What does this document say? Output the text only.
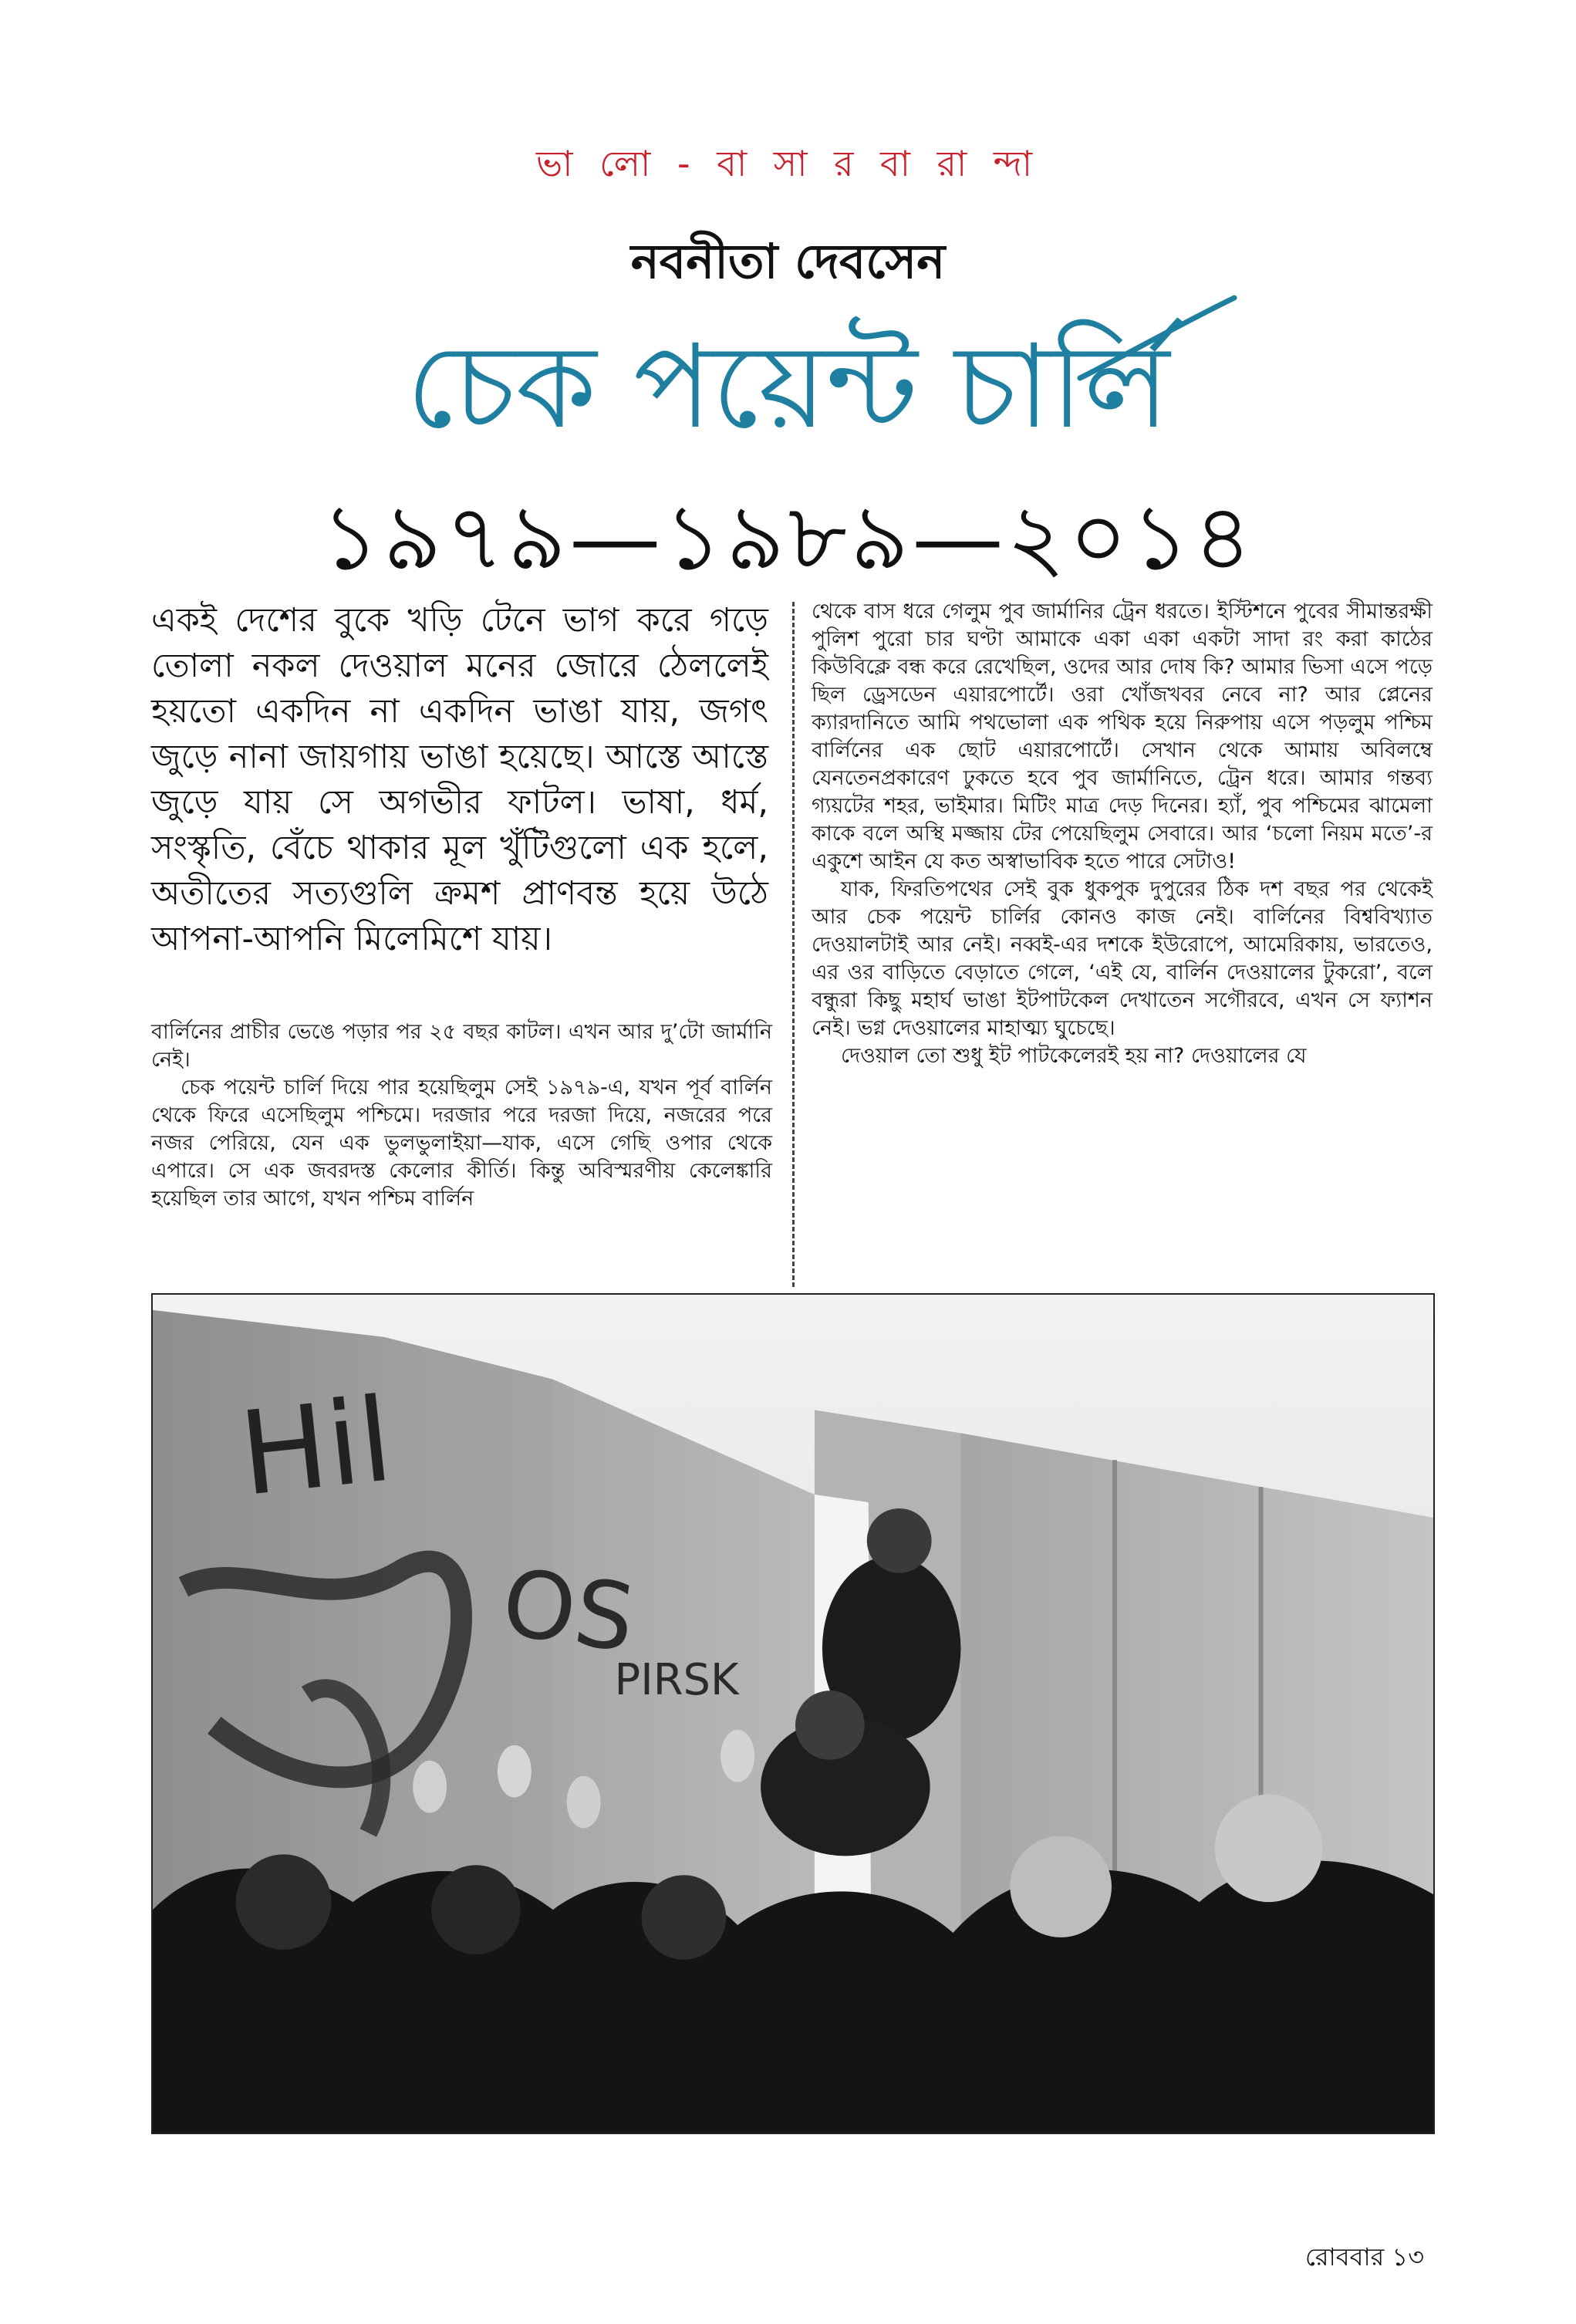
ভা লো - বা সা র বা রা ন্দা
নবনীতা দেবসেন
চেক পয়েন্ট চার্লি
১৯৭৯—১৯৮৯—২০১৪

একই দেশের বুকে খড়ি টেনে ভাগ করে গড়ে তোলা নকল দেওয়াল মনের জোরে ঠেললেই হয়তো একদিন না একদিন ভাঙা যায়, জগৎ জুড়ে নানা জায়গায় ভাঙা হয়েছে। আস্তে আস্তে জুড়ে যায় সে অগভীর ফাটল। ভাষা, ধর্ম, সংস্কৃতি, বেঁচে থাকার মূল খুঁটিগুলো এক হলে, অতীতের সত্যগুলি ক্রমশ প্রাণবন্ত হয়ে উঠে আপনা-আপনি মিলেমিশে যায়।

বার্লিনের প্রাচীর ভেঙে পড়ার পর ২৫ বছর কাটল। এখন আর দু’টো জার্মানি নেই।

চেক পয়েন্ট চার্লি দিয়ে পার হয়েছিলুম সেই ১৯৭৯-এ, যখন পূর্ব বার্লিন থেকে ফিরে এসেছিলুম পশ্চিমে। দরজার পরে দরজা দিয়ে, নজরের পরে নজর পেরিয়ে, যেন এক ভুলভুলাইয়া—যাক, এসে গেছি ওপার থেকে এপারে। সে এক জবরদস্ত কেলোর কীর্তি। কিন্তু অবিস্মরণীয় কেলেঙ্কারি হয়েছিল তার আগে, যখন পশ্চিম বার্লিন

থেকে বাস ধরে গেলুম পুব জার্মানির ট্রেন ধরতে। ইস্টিশনে পুবের সীমান্তরক্ষী পুলিশ পুরো চার ঘণ্টা আমাকে একা একা একটা সাদা রং করা কাঠের কিউবিক্লে বন্ধ করে রেখেছিল, ওদের আর দোষ কি? আমার ভিসা এসে পড়ে ছিল ড্রেসডেন এয়ারপোর্টে। ওরা খোঁজখবর নেবে না? আর প্লেনের ক্যারদানিতে আমি পথভোলা এক পথিক হয়ে নিরুপায় এসে পড়লুম পশ্চিম বার্লিনের এক ছোট এয়ারপোর্টে। সেখান থেকে আমায় অবিলম্বে যেনতেনপ্রকারেণ ঢুকতে হবে পুব জার্মানিতে, ট্রেন ধরে। আমার গন্তব্য গ্যয়টের শহর, ভাইমার। মিটিং মাত্র দেড় দিনের। হ্যাঁ, পুব পশ্চিমের ঝামেলা কাকে বলে অস্থি মজ্জায় টের পেয়েছিলুম সেবারে। আর ‘চলো নিয়ম মতে’-র একুশে আইন যে কত অস্বাভাবিক হতে পারে সেটাও!

যাক, ফিরতিপথের সেই বুক ধুকপুক দুপুরের ঠিক দশ বছর পর থেকেই আর চেক পয়েন্ট চার্লির কোনও কাজ নেই। বার্লিনের বিশ্ববিখ্যাত দেওয়ালটাই আর নেই। নব্বই-এর দশকে ইউরোপে, আমেরিকায়, ভারতেও, এর ওর বাড়িতে বেড়াতে গেলে, ‘এই যে, বার্লিন দেওয়ালের টুকরো’, বলে বন্ধুরা কিছু মহার্ঘ ভাঙা ইটপাটকেল দেখাতেন সগৌরবে, এখন সে ফ্যাশন নেই। ভগ্ন দেওয়ালের মাহাত্ম্য ঘুচেছে।

দেওয়াল তো শুধু ইট পাটকেলেরই হয় না? দেওয়ালের যে

Hil
OS
PIRSK
রোববার ১৩
